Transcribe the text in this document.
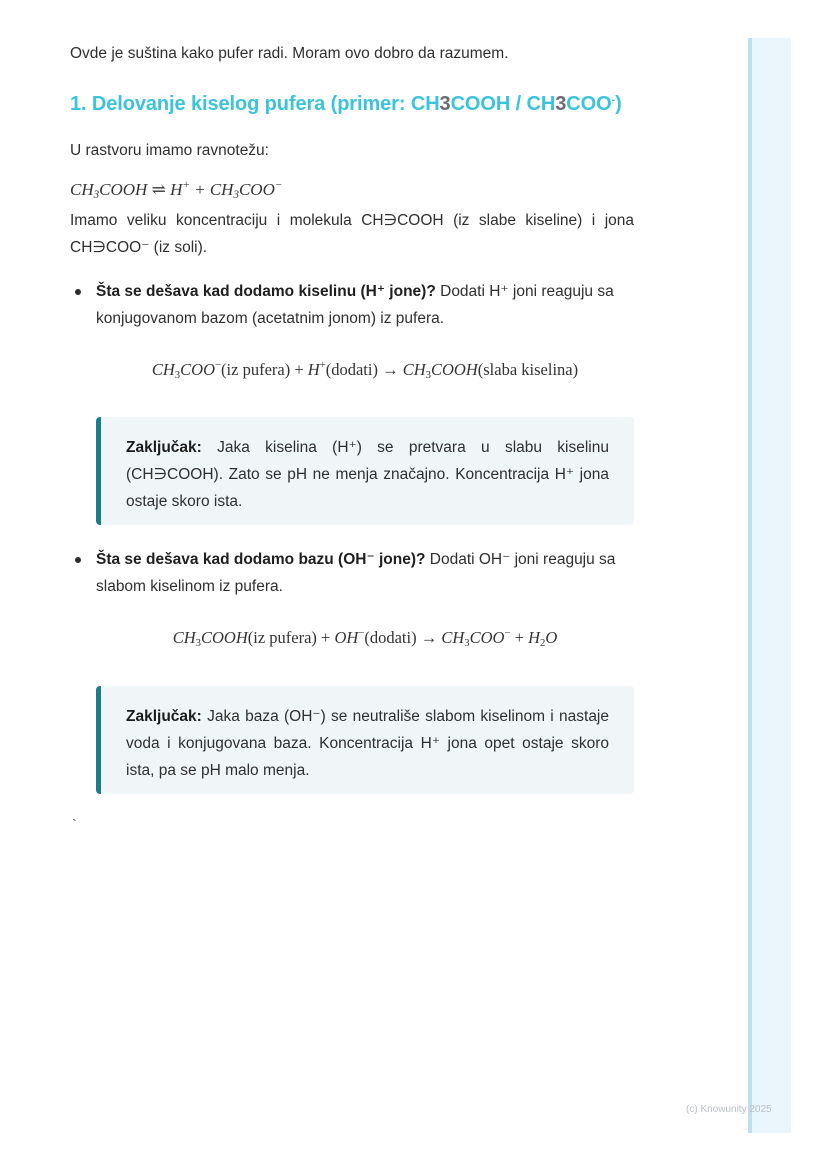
Ovde je suština kako pufer radi. Moram ovo dobro da razumem.
1. Delovanje kiselog pufera (primer: CH3COOH / CH3COO-)
U rastvoru imamo ravnotežu:
$CH_3COOH$ ⇌ $H^+ + CH_3COO^-$
Imamo veliku koncentraciju i molekula CH∋COOH (iz slabe kiseline) i jona CH∋COO⁻ (iz soli).
Šta se dešava kad dodamo kiselinu (H⁺ jone)? Dodati H⁺ joni reaguju sa konjugovanom bazom (acetatnim jonom) iz pufera.
$CH_3COO^-(iz$ pufera) + H+(dodati) → $CH_3COOH(slaba$ kiselina)
Zaključak: Jaka kiselina (H⁺) se pretvara u slabu kiselinu (CH∋COOH). Zato se pH ne menja značajno. Koncentracija H⁺ jona ostaje skoro ista.
Šta se dešava kad dodamo bazu (OH⁻ jone)? Dodati OH⁻ joni reaguju sa slabom kiselinom iz pufera.
$CH_3COOH(iz$ pufera) + OH−(dodati) → $CH_3COO^- + H_2O$
Zaključak: Jaka baza (OH⁻) se neutrališe slabom kiselinom i nastaje voda i konjugovana baza. Koncentracija H⁺ jona opet ostaje skoro ista, pa se pH malo menja.
`
(c) Knowunity 2025
